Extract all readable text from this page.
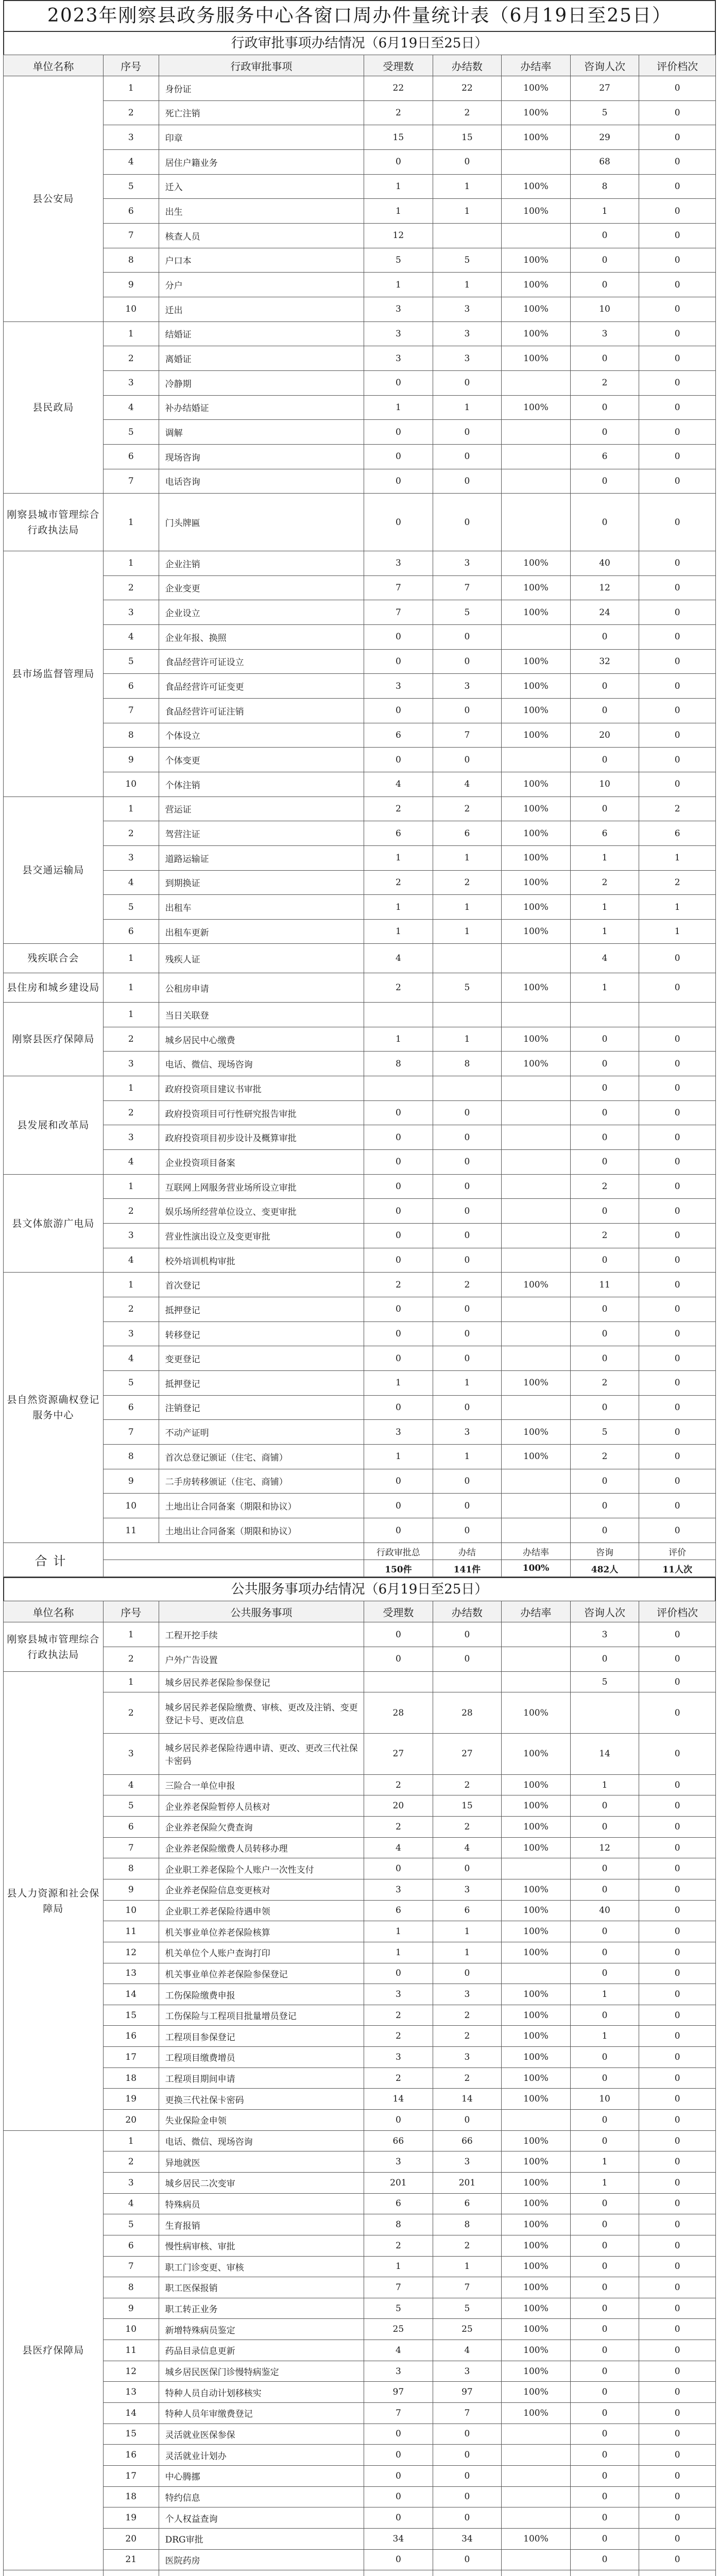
2023年刚察县政务服务中心各窗口周办件量统计表（6月19日至25日）
行政审批事项办结情况（6月19日至25日）
单位名称	序号	行政审批事项	受理数	办结数	办结率	咨询人次	评价档次
县公安局	1	身份证	22	22	100%	27	0
	2	死亡注销	2	2	100%	5	0
	3	印章	15	15	100%	29	0
	4	居住户籍业务	0	0		68	0
	5	迁入	1	1	100%	8	0
	6	出生	1	1	100%	1	0
	7	核查人员	12			0	0
	8	户口本	5	5	100%	0	0
	9	分户	1	1	100%	0	0
	10	迁出	3	3	100%	10	0
县民政局	1	结婚证	3	3	100%	3	0
	2	离婚证	3	3	100%	0	0
	3	冷静期	0	0		2	0
	4	补办结婚证	1	1	100%	0	0
	5	调解	0	0		0	0
	6	现场咨询	0	0		6	0
	7	电话咨询	0	0		0	0
刚察县城市管理综合行政执法局	1	门头牌匾	0	0		0	0
县市场监督管理局	1	企业注销	3	3	100%	40	0
	2	企业变更	7	7	100%	12	0
	3	企业设立	7	5	100%	24	0
	4	企业年报、换照	0	0		0	0
	5	食品经营许可证设立	0	0	100%	32	0
	6	食品经营许可证变更	3	3	100%	0	0
	7	食品经营许可证注销	0	0	100%	0	0
	8	个体设立	6	7	100%	20	0
	9	个体变更	0	0		0	0
	10	个体注销	4	4	100%	10	0
县交通运输局	1	营运证	2	2	100%	0	2
	2	驾营注证	6	6	100%	6	6
	3	道路运输证	1	1	100%	1	1
	4	到期换证	2	2	100%	2	2
	5	出租车	1	1	100%	1	1
	6	出租车更新	1	1	100%	1	1
残疾联合会	1	残疾人证	4			4	0
县住房和城乡建设局	1	公租房申请	2	5	100%	1	0
刚察县医疗保障局	1	当日关联登					
	2	城乡居民中心缴费	1	1	100%	0	0
	3	电话、微信、现场咨询	8	8	100%	0	0
县发展和改革局	1	政府投资项目建议书审批				0	0
	2	政府投资项目可行性研究报告审批	0	0		0	0
	3	政府投资项目初步设计及概算审批	0	0		0	0
	4	企业投资项目备案	0	0		0	0
县文体旅游广电局	1	互联网上网服务营业场所设立审批	0	0		2	0
	2	娱乐场所经营单位设立、变更审批	0	0		0	0
	3	营业性演出设立及变更审批	0	0		2	0
	4	校外培训机构审批	0	0		0	0
县自然资源确权登记服务中心	1	首次登记	2	2	100%	11	0
	2	抵押登记	0	0		0	0
	3	转移登记	0	0		0	0
	4	变更登记	0	0		0	0
	5	抵押登记	1	1	100%	2	0
	6	注销登记	0	0		0	0
	7	不动产证明	3	3	100%	5	0
	8	首次总登记颁证（住宅、商铺）	1	1	100%	2	0
	9	二手房转移颁证（住宅、商铺）	0	0		0	0
	10	土地出让合同备案（期限和协议）	0	0		0	0
	11	土地出让合同备案（期限和协议）	0	0		0	0
合计			行政审批总	办结	办结率	咨询	评价
			150件	141件	100%	482人	11人次
公共服务事项办结情况（6月19日至25日）
单位名称	序号	公共服务事项	受理数	办结数	办结率	咨询人次	评价档次
刚察县城市管理综合行政执法局	1	工程开挖手续	0	0		3	0
	2	户外广告设置	0	0		0	0
县人力资源和社会保障局	1	城乡居民养老保险参保登记				5	0
	2	城乡居民养老保险缴费、审核、更改及注销、变更登记卡号、更改信息	28	28	100%		0
	3	城乡居民养老保险待遇申请、更改、更改三代社保卡密码	27	27	100%	14	0
	4	三险合一单位申报	2	2	100%	1	0
	5	企业养老保险暂停人员核对	20	15	100%	0	0
	6	企业养老保险欠费查询	2	2	100%	0	0
	7	企业养老保险缴费人员转移办理	4	4	100%	12	0
	8	企业职工养老保险个人账户一次性支付	0	0		0	0
	9	企业养老保险信息变更核对	3	3	100%	0	0
	10	企业职工养老保险待遇申领	6	6	100%	40	0
	11	机关事业单位养老保险核算	1	1	100%	0	0
	12	机关单位个人账户查询打印	1	1	100%	0	0
	13	机关事业单位养老保险参保登记	0	0		0	0
	14	工伤保险缴费申报	3	3	100%	1	0
	15	工伤保险与工程项目批量增员登记	2	2	100%	0	0
	16	工程项目参保登记	2	2	100%	1	0
	17	工程项目缴费增员	3	3	100%	0	0
	18	工程项目期间申请	2	2	100%	0	0
	19	更换三代社保卡密码	14	14	100%	10	0
	20	失业保险金申领	0	0		0	0
县医疗保障局	1	电话、微信、现场咨询	66	66	100%	0	0
	2	异地就医	3	3	100%	1	0
	3	城乡居民二次变审	201	201	100%	1	0
	4	特殊病员	6	6	100%	0	0
	5	生育报销	8	8	100%	0	0
	6	慢性病审核、审批	2	2	100%	0	0
	7	职工门诊变更、审核	1	1	100%	0	0
	8	职工医保报销	7	7	100%	0	0
	9	职工转正业务	5	5	100%	0	0
	10	新增特殊病员鉴定	25	25	100%	0	0
	11	药品目录信息更新	4	4	100%	0	0
	12	城乡居民医保门诊慢特病鉴定	3	3	100%	0	0
	13	特种人员自动计划移核实	97	97	100%	0	0
	14	特种人员年审缴费登记	7	7	100%	0	0
	15	灵活就业医保参保	0	0		0	0
	16	灵活就业计划办	0	0		0	0
	17	中心腾挪	0	0		0	0
	18	特约信息	0	0		0	0
	19	个人权益查询	0	0		0	0
	20	DRG审批	34	34	100%	0	0
	21	医院药房	0	0		0	0
